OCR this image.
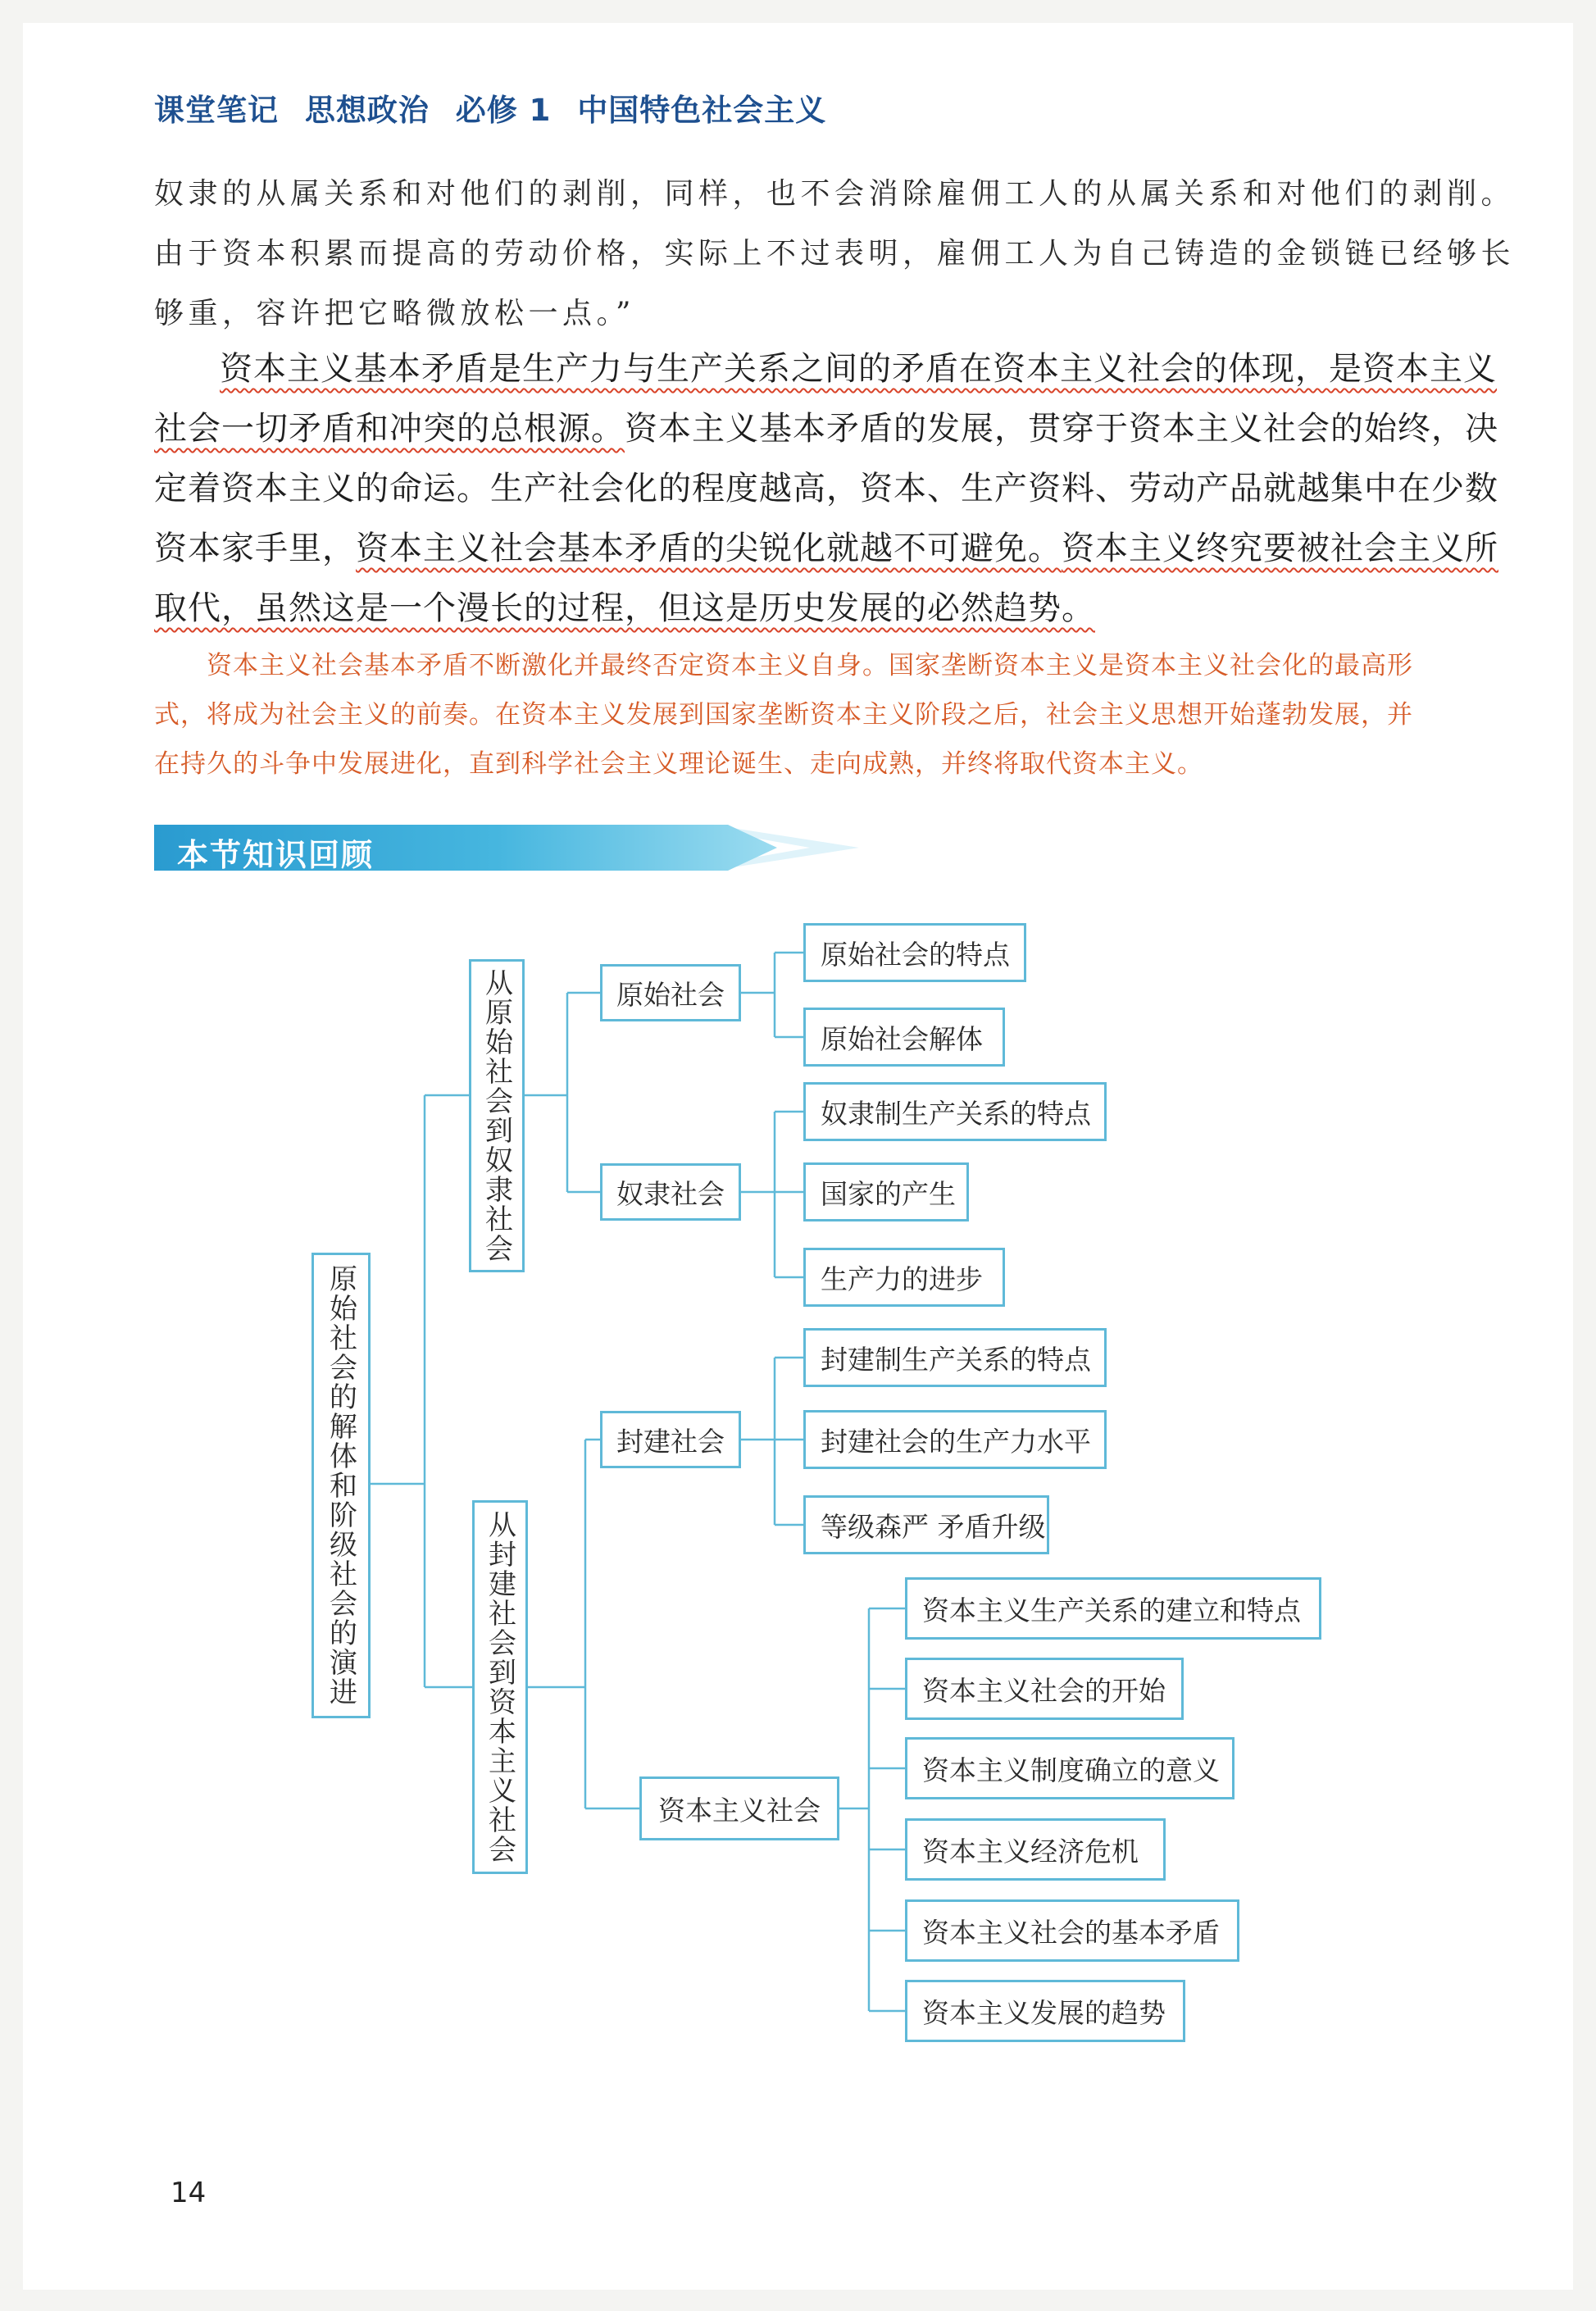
课堂笔记 思想政治 必修 1 中国特色社会主义

奴隶的从属关系和对他们的剥削，同样，也不会消除雇佣工人的从属关系和对他们的剥削。

由于资本积累而提高的劳动价格，实际上不过表明，雇佣工人为自己铸造的金锁链已经够长

够重，容许把它略微放松一点。”

资本主义基本矛盾是生产力与生产关系之间的矛盾在资本主义社会的体现，是资本主义

社会一切矛盾和冲突的总根源。资本主义基本矛盾的发展，贯穿于资本主义社会的始终，决

定着资本主义的命运。生产社会化的程度越高，资本、生产资料、劳动产品就越集中在少数

资本家手里，资本主义社会基本矛盾的尖锐化就越不可避免。资本主义终究要被社会主义所

取代，虽然这是一个漫长的过程，但这是历史发展的必然趋势。

资本主义社会基本矛盾不断激化并最终否定资本主义自身。国家垄断资本主义是资本主义社会化的最高形

式，将成为社会主义的前奏。在资本主义发展到国家垄断资本主义阶段之后，社会主义思想开始蓬勃发展，并

在持久的斗争中发展进化，直到科学社会主义理论诞生、走向成熟，并终将取代资本主义。

本节知识回顾
原始社会的解体和阶级社会的演进
从原始社会到奴隶社会
从封建社会到资本主义社会
原始社会
奴隶社会
封建社会
资本主义社会
原始社会的特点
原始社会解体
奴隶制生产关系的特点
国家的产生
生产力的进步
封建制生产关系的特点
封建社会的生产力水平
等级森严 矛盾升级
资本主义生产关系的建立和特点
资本主义社会的开始
资本主义制度确立的意义
资本主义经济危机
资本主义社会的基本矛盾
资本主义发展的趋势
14
